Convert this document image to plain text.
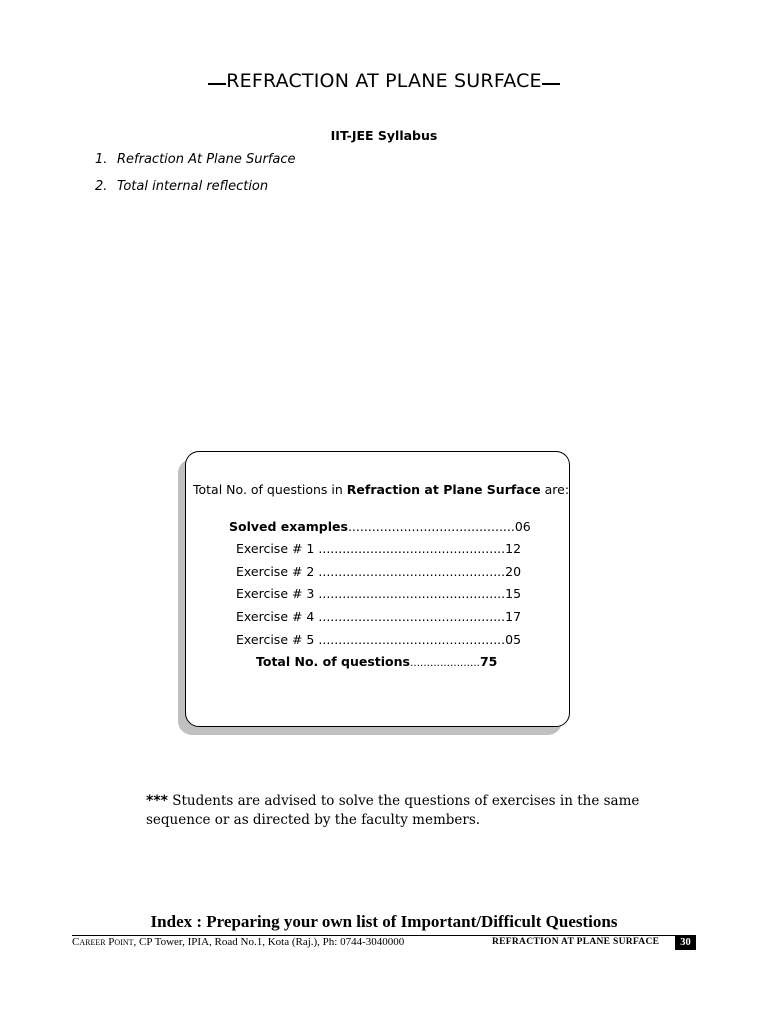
REFRACTION AT PLANE SURFACE
IIT-JEE Syllabus
1. Refraction At Plane Surface
2. Total internal reflection
Total No. of questions in Refraction at Plane Surface are:
Solved examples..........................................06
Exercise # 1 ...............................................12
Exercise # 2 ...............................................20
Exercise # 3 ...............................................15
Exercise # 4 ...............................................17
Exercise # 5 ...............................................05
Total No. of questions…………………75
*** Students are advised to solve the questions of exercises in the same sequence or as directed by the faculty members.
Index : Preparing your own list of Important/Difficult Questions
Career Point, CP Tower, IPIA, Road No.1, Kota (Raj.), Ph: 0744-3040000	REFRACTION AT PLANE SURFACE	30
